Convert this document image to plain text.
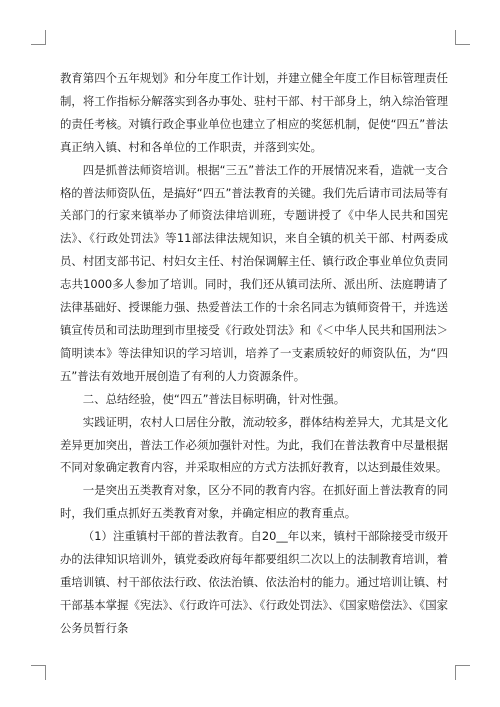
教育第四个五年规划》和分年度工作计划，并建立健全年度工作目标管理责任制，将工作指标分解落实到各办事处、驻村干部、村干部身上，纳入综治管理的责任考核。对镇行政企事业单位也建立了相应的奖惩机制，促使“四五”普法真正纳入镇、村和各单位的工作职责，并落到实处。

四是抓普法师资培训。根据“三五”普法工作的开展情况来看，造就一支合格的普法师资队伍，是搞好“四五”普法教育的关键。我们先后请市司法局等有关部门的行家来镇举办了师资法律培训班，专题讲授了《中华人民共和国宪法》、《行政处罚法》等11部法律法规知识，来自全镇的机关干部、村两委成员、村团支部书记、村妇女主任、村治保调解主任、镇行政企事业单位负责同志共1000多人参加了培训。同时，我们还从镇司法所、派出所、法庭聘请了法律基础好、授课能力强、热爱普法工作的十余名同志为镇师资骨干，并选送镇宣传员和司法助理到市里接受《行政处罚法》和《＜中华人民共和国刑法＞简明读本》等法律知识的学习培训，培养了一支素质较好的师资队伍，为“四五”普法有效地开展创造了有利的人力资源条件。

二、总结经验，使“四五”普法目标明确，针对性强。

实践证明，农村人口居住分散，流动较多，群体结构差异大，尤其是文化差异更加突出，普法工作必须加强针对性。为此，我们在普法教育中尽量根据不同对象确定教育内容，并采取相应的方式方法抓好教育，以达到最佳效果。

一是突出五类教育对象，区分不同的教育内容。在抓好面上普法教育的同时，我们重点抓好五类教育对象，并确定相应的教育重点。

（1）注重镇村干部的普法教育。自20__年以来，镇村干部除接受市级开办的法律知识培训外，镇党委政府每年都要组织二次以上的法制教育培训，着重培训镇、村干部依法行政、依法治镇、依法治村的能力。通过培训让镇、村干部基本掌握《宪法》、《行政许可法》、《行政处罚法》、《国家赔偿法》、《国家公务员暂行条
